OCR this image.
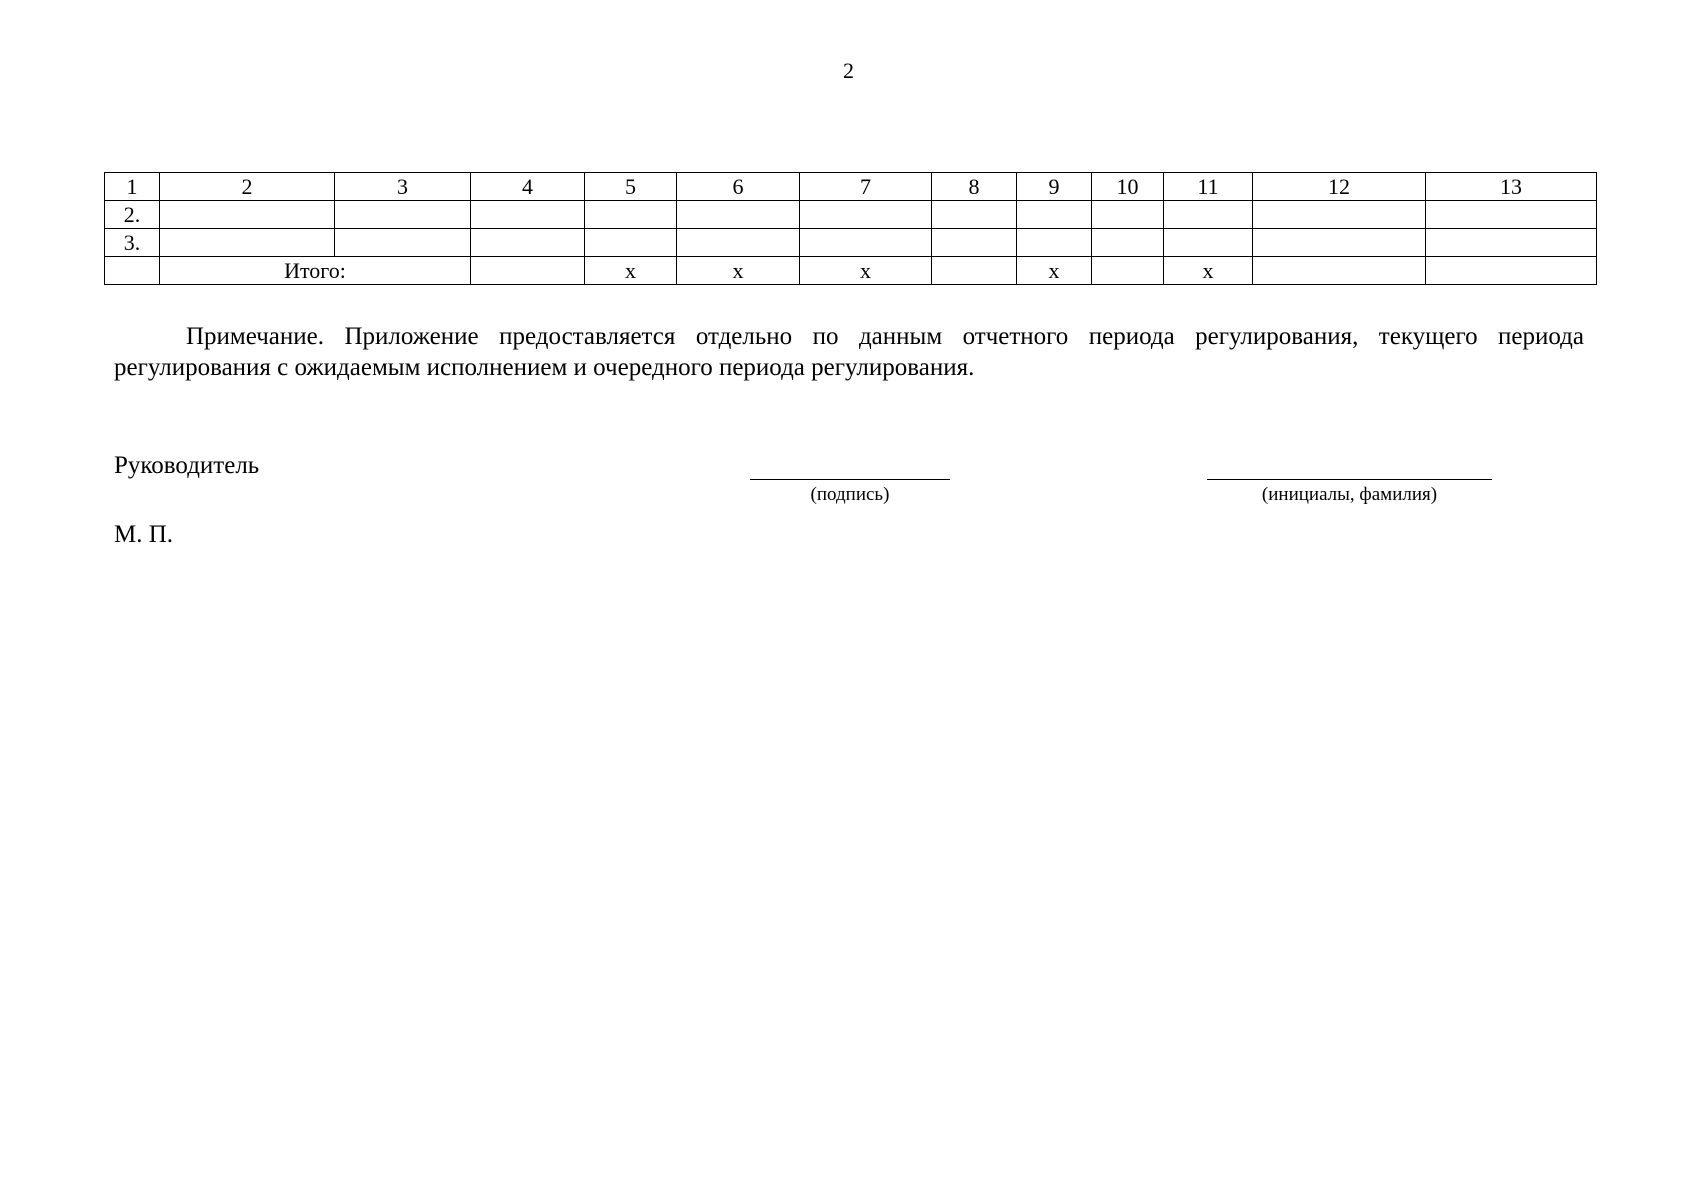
2
1	2	3	4	5	6	7	8	9	10	11	12	13
2.												
3.												
	Итого:			x	x	x		x		x		

Примечание. Приложение предоставляется отдельно по данным отчетного периода регулирования, текущего периода регулирования с ожидаемым исполнением и очередного периода регулирования.

Руководитель
(подпись)	(инициалы, фамилия)
М. П.
